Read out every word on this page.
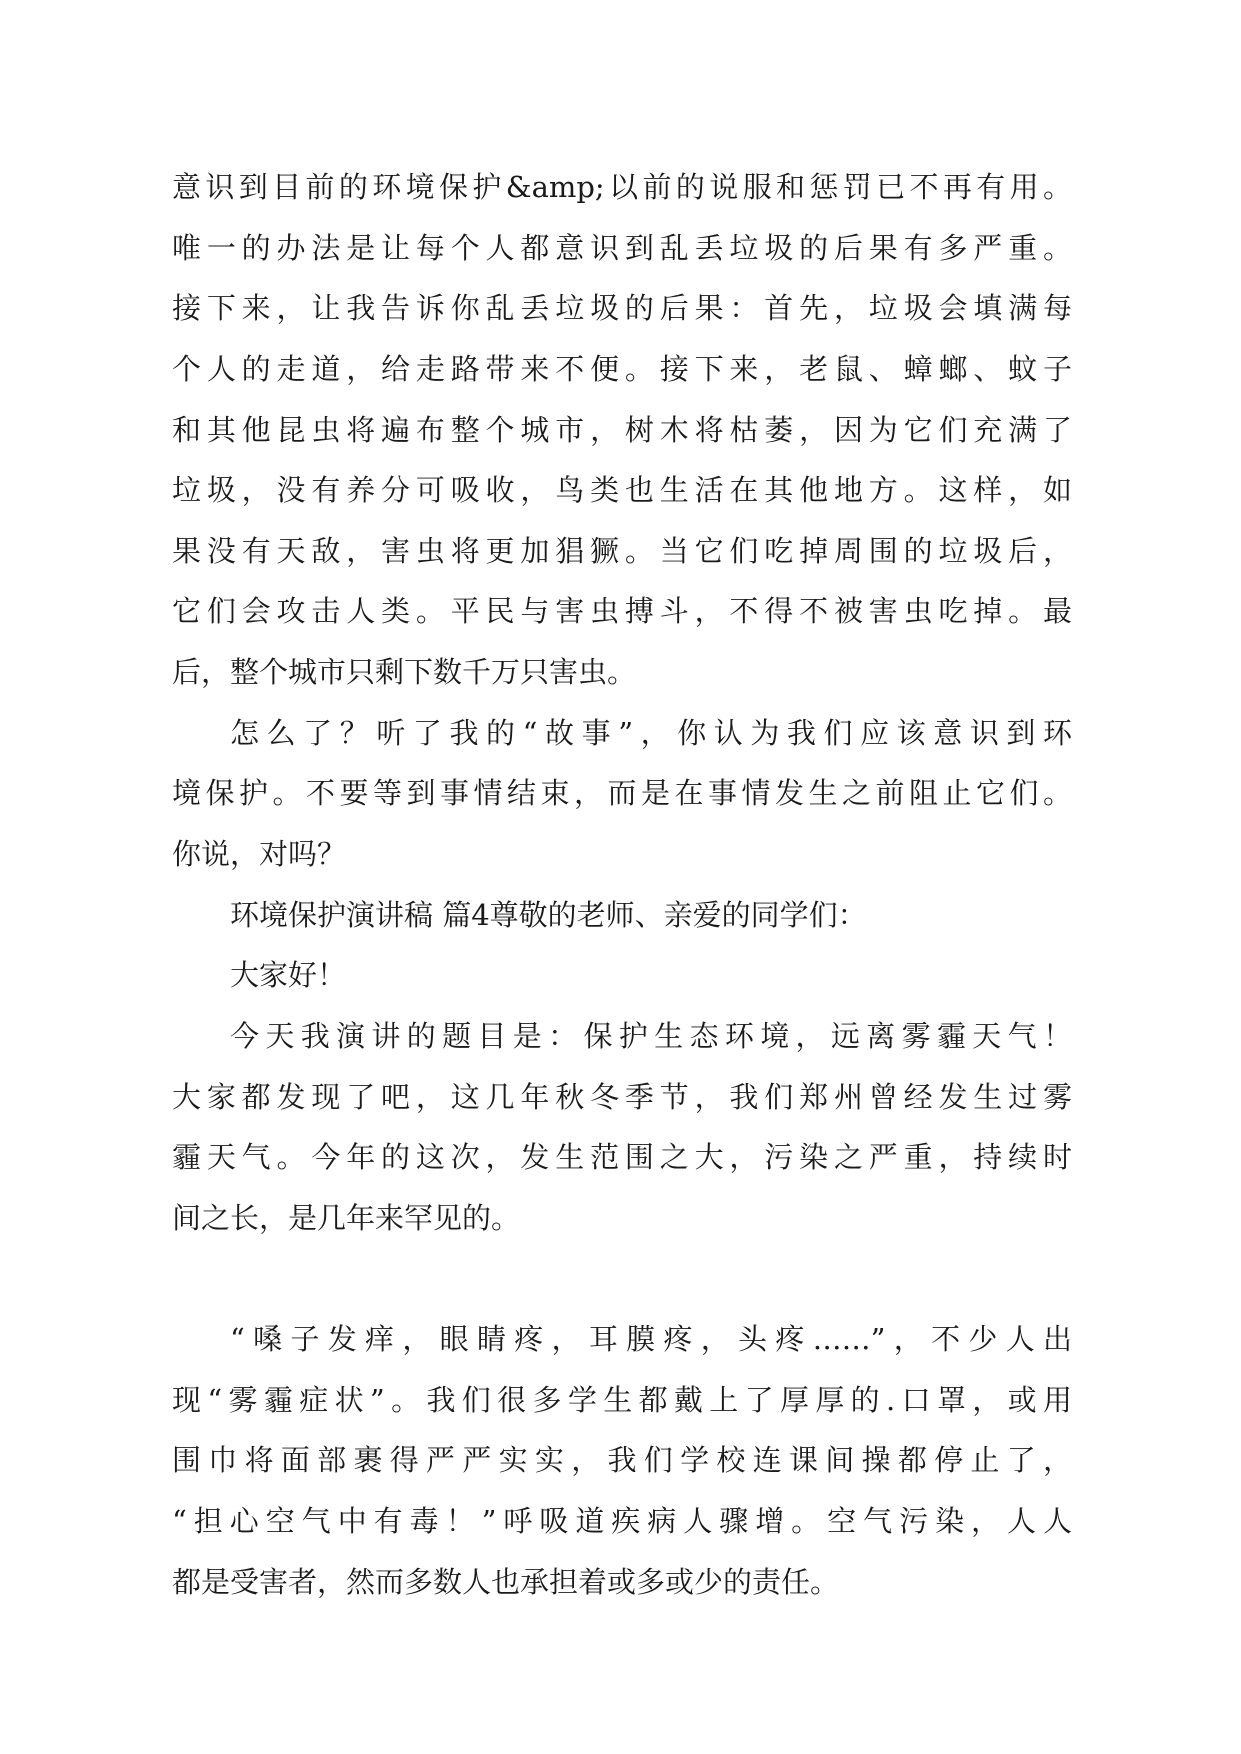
意识到目前的环境保护&amp;以前的说服和惩罚已不再有用。
唯一的办法是让每个人都意识到乱丢垃圾的后果有多严重。
接下来，让我告诉你乱丢垃圾的后果：首先，垃圾会填满每
个人的走道，给走路带来不便。接下来，老鼠、蟑螂、蚊子
和其他昆虫将遍布整个城市，树木将枯萎，因为它们充满了
垃圾，没有养分可吸收，鸟类也生活在其他地方。这样，如
果没有天敌，害虫将更加猖獗。当它们吃掉周围的垃圾后，
它们会攻击人类。平民与害虫搏斗，不得不被害虫吃掉。最
后，整个城市只剩下数千万只害虫。
怎么了？听了我的“故事”，你认为我们应该意识到环
境保护。不要等到事情结束，而是在事情发生之前阻止它们。
你说，对吗？
环境保护演讲稿 篇4尊敬的老师、亲爱的同学们：
大家好！
今天我演讲的题目是：保护生态环境，远离雾霾天气！
大家都发现了吧，这几年秋冬季节，我们郑州曾经发生过雾
霾天气。今年的这次，发生范围之大，污染之严重，持续时
间之长，是几年来罕见的。
“嗓子发痒，眼睛疼，耳膜疼，头疼……”，不少人出
现“雾霾症状”。我们很多学生都戴上了厚厚的.口罩，或用
围巾将面部裹得严严实实，我们学校连课间操都停止了，
“担心空气中有毒！”呼吸道疾病人骤增。空气污染，人人
都是受害者，然而多数人也承担着或多或少的责任。
